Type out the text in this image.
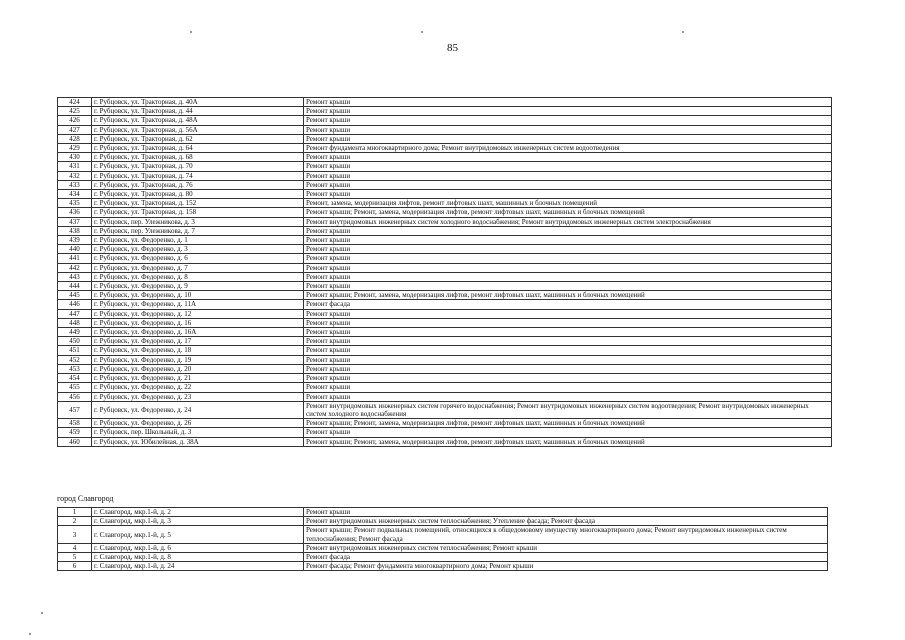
85
424	г. Рубцовск, ул. Тракторная, д. 40А	Ремонт крыши
425	г. Рубцовск, ул. Тракторная, д. 44	Ремонт крыши
426	г. Рубцовск, ул. Тракторная, д. 48А	Ремонт крыши
427	г. Рубцовск, ул. Тракторная, д. 56А	Ремонт крыши
428	г. Рубцовск, ул. Тракторная, д. 62	Ремонт крыши
429	г. Рубцовск, ул. Тракторная, д. 64	Ремонт фундамента многоквартирного дома; Ремонт внутридомовых инженерных систем водоотведения
430	г. Рубцовск, ул. Тракторная, д. 68	Ремонт крыши
431	г. Рубцовск, ул. Тракторная, д. 70	Ремонт крыши
432	г. Рубцовск, ул. Тракторная, д. 74	Ремонт крыши
433	г. Рубцовск, ул. Тракторная, д. 76	Ремонт крыши
434	г. Рубцовск, ул. Тракторная, д. 80	Ремонт крыши
435	г. Рубцовск, ул. Тракторная, д. 152	Ремонт, замена, модернизация лифтов, ремонт лифтовых шахт, машинных и блочных помещений
436	г. Рубцовск, ул. Тракторная, д. 158	Ремонт крыши; Ремонт, замена, модернизация лифтов, ремонт лифтовых шахт, машинных и блочных помещений
437	г. Рубцовск, пер. Улежникова, д. 3	Ремонт внутридомовых инженерных систем холодного водоснабжения; Ремонт внутридомовых инженерных систем электроснабжения
438	г. Рубцовск, пер. Улежникова, д. 7	Ремонт крыши
439	г. Рубцовск, ул. Федоренко, д. 1	Ремонт крыши
440	г. Рубцовск, ул. Федоренко, д. 3	Ремонт крыши
441	г. Рубцовск, ул. Федоренко, д. 6	Ремонт крыши
442	г. Рубцовск, ул. Федоренко, д. 7	Ремонт крыши
443	г. Рубцовск, ул. Федоренко, д. 8	Ремонт крыши
444	г. Рубцовск, ул. Федоренко, д. 9	Ремонт крыши
445	г. Рубцовск, ул. Федоренко, д. 10	Ремонт крыши; Ремонт, замена, модернизация лифтов, ремонт лифтовых шахт, машинных и блочных помещений
446	г. Рубцовск, ул. Федоренко, д. 11А	Ремонт фасада
447	г. Рубцовск, ул. Федоренко, д. 12	Ремонт крыши
448	г. Рубцовск, ул. Федоренко, д. 16	Ремонт крыши
449	г. Рубцовск, ул. Федоренко, д. 16А	Ремонт крыши
450	г. Рубцовск, ул. Федоренко, д. 17	Ремонт крыши
451	г. Рубцовск, ул. Федоренко, д. 18	Ремонт крыши
452	г. Рубцовск, ул. Федоренко, д. 19	Ремонт крыши
453	г. Рубцовск, ул. Федоренко, д. 20	Ремонт крыши
454	г. Рубцовск, ул. Федоренко, д. 21	Ремонт крыши
455	г. Рубцовск, ул. Федоренко, д. 22	Ремонт крыши
456	г. Рубцовск, ул. Федоренко, д. 23	Ремонт крыши
457	г. Рубцовск, ул. Федоренко, д. 24	Ремонт внутридомовых инженерных систем горячего водоснабжения; Ремонт внутридомовых инженерных систем водоотведения; Ремонт внутридомовых инженерных систем холодного водоснабжения
458	г. Рубцовск, ул. Федоренко, д. 26	Ремонт крыши; Ремонт, замена, модернизация лифтов, ремонт лифтовых шахт, машинных и блочных помещений
459	г. Рубцовск, пер. Школьный, д. 3	Ремонт крыши
460	г. Рубцовск, ул. Юбилейная, д. 38А	Ремонт крыши; Ремонт, замена, модернизация лифтов, ремонт лифтовых шахт, машинных и блочных помещений
город Славгород
1	г. Славгород, мкр.1-й, д. 2	Ремонт крыши
2	г. Славгород, мкр.1-й, д. 3	Ремонт внутридомовых инженерных систем теплоснабжения; Утепление фасада; Ремонт фасада
3	г. Славгород, мкр.1-й, д. 5	Ремонт крыши; Ремонт подвальных помещений, относящихся к общедомовому имуществу многоквартирного дома; Ремонт внутридомовых инженерных систем теплоснабжения; Ремонт фасада
4	г. Славгород, мкр.1-й, д. 6	Ремонт внутридомовых инженерных систем теплоснабжения; Ремонт крыши
5	г. Славгород, мкр.1-й, д. 8	Ремонт фасада
6	г. Славгород, мкр.1-й, д. 24	Ремонт фасада; Ремонт фундамента многоквартирного дома; Ремонт крыши
